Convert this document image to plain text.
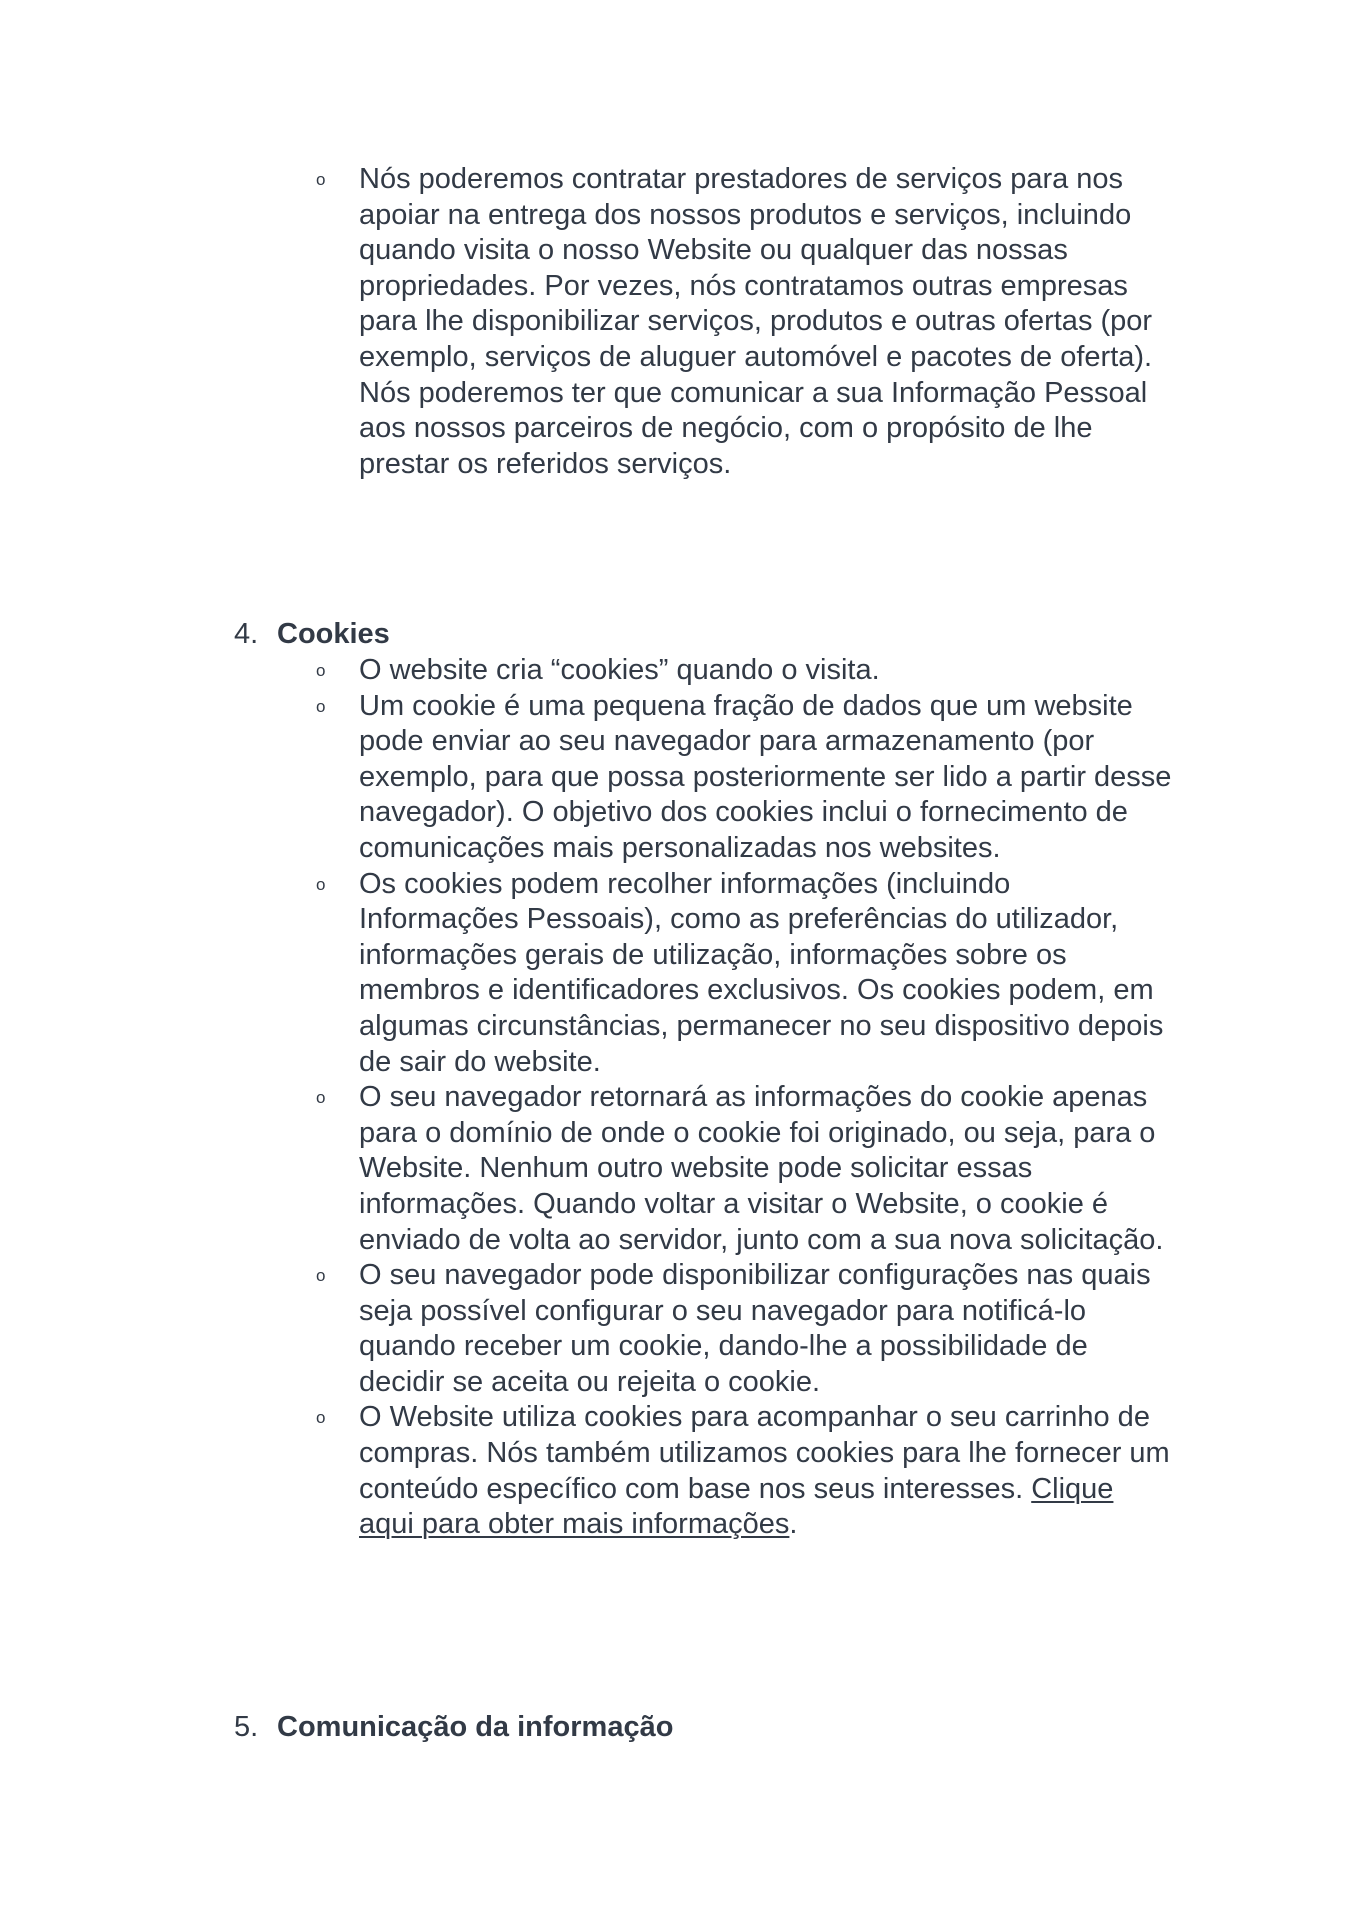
o Nós poderemos contratar prestadores de serviços para nos apoiar na entrega dos nossos produtos e serviços, incluindo quando visita o nosso Website ou qualquer das nossas propriedades. Por vezes, nós contratamos outras empresas para lhe disponibilizar serviços, produtos e outras ofertas (por exemplo, serviços de aluguer automóvel e pacotes de oferta). Nós poderemos ter que comunicar a sua Informação Pessoal aos nossos parceiros de negócio, com o propósito de lhe prestar os referidos serviços.
4. Cookies
o O website cria “cookies” quando o visita.
o Um cookie é uma pequena fração de dados que um website pode enviar ao seu navegador para armazenamento (por exemplo, para que possa posteriormente ser lido a partir desse navegador). O objetivo dos cookies inclui o fornecimento de comunicações mais personalizadas nos websites.
o Os cookies podem recolher informações (incluindo Informações Pessoais), como as preferências do utilizador, informações gerais de utilização, informações sobre os membros e identificadores exclusivos. Os cookies podem, em algumas circunstâncias, permanecer no seu dispositivo depois de sair do website.
o O seu navegador retornará as informações do cookie apenas para o domínio de onde o cookie foi originado, ou seja, para o Website. Nenhum outro website pode solicitar essas informações. Quando voltar a visitar o Website, o cookie é enviado de volta ao servidor, junto com a sua nova solicitação.
o O seu navegador pode disponibilizar configurações nas quais seja possível configurar o seu navegador para notificá-lo quando receber um cookie, dando-lhe a possibilidade de decidir se aceita ou rejeita o cookie.
o O Website utiliza cookies para acompanhar o seu carrinho de compras. Nós também utilizamos cookies para lhe fornecer um conteúdo específico com base nos seus interesses. Clique aqui para obter mais informações.
5. Comunicação da informação
